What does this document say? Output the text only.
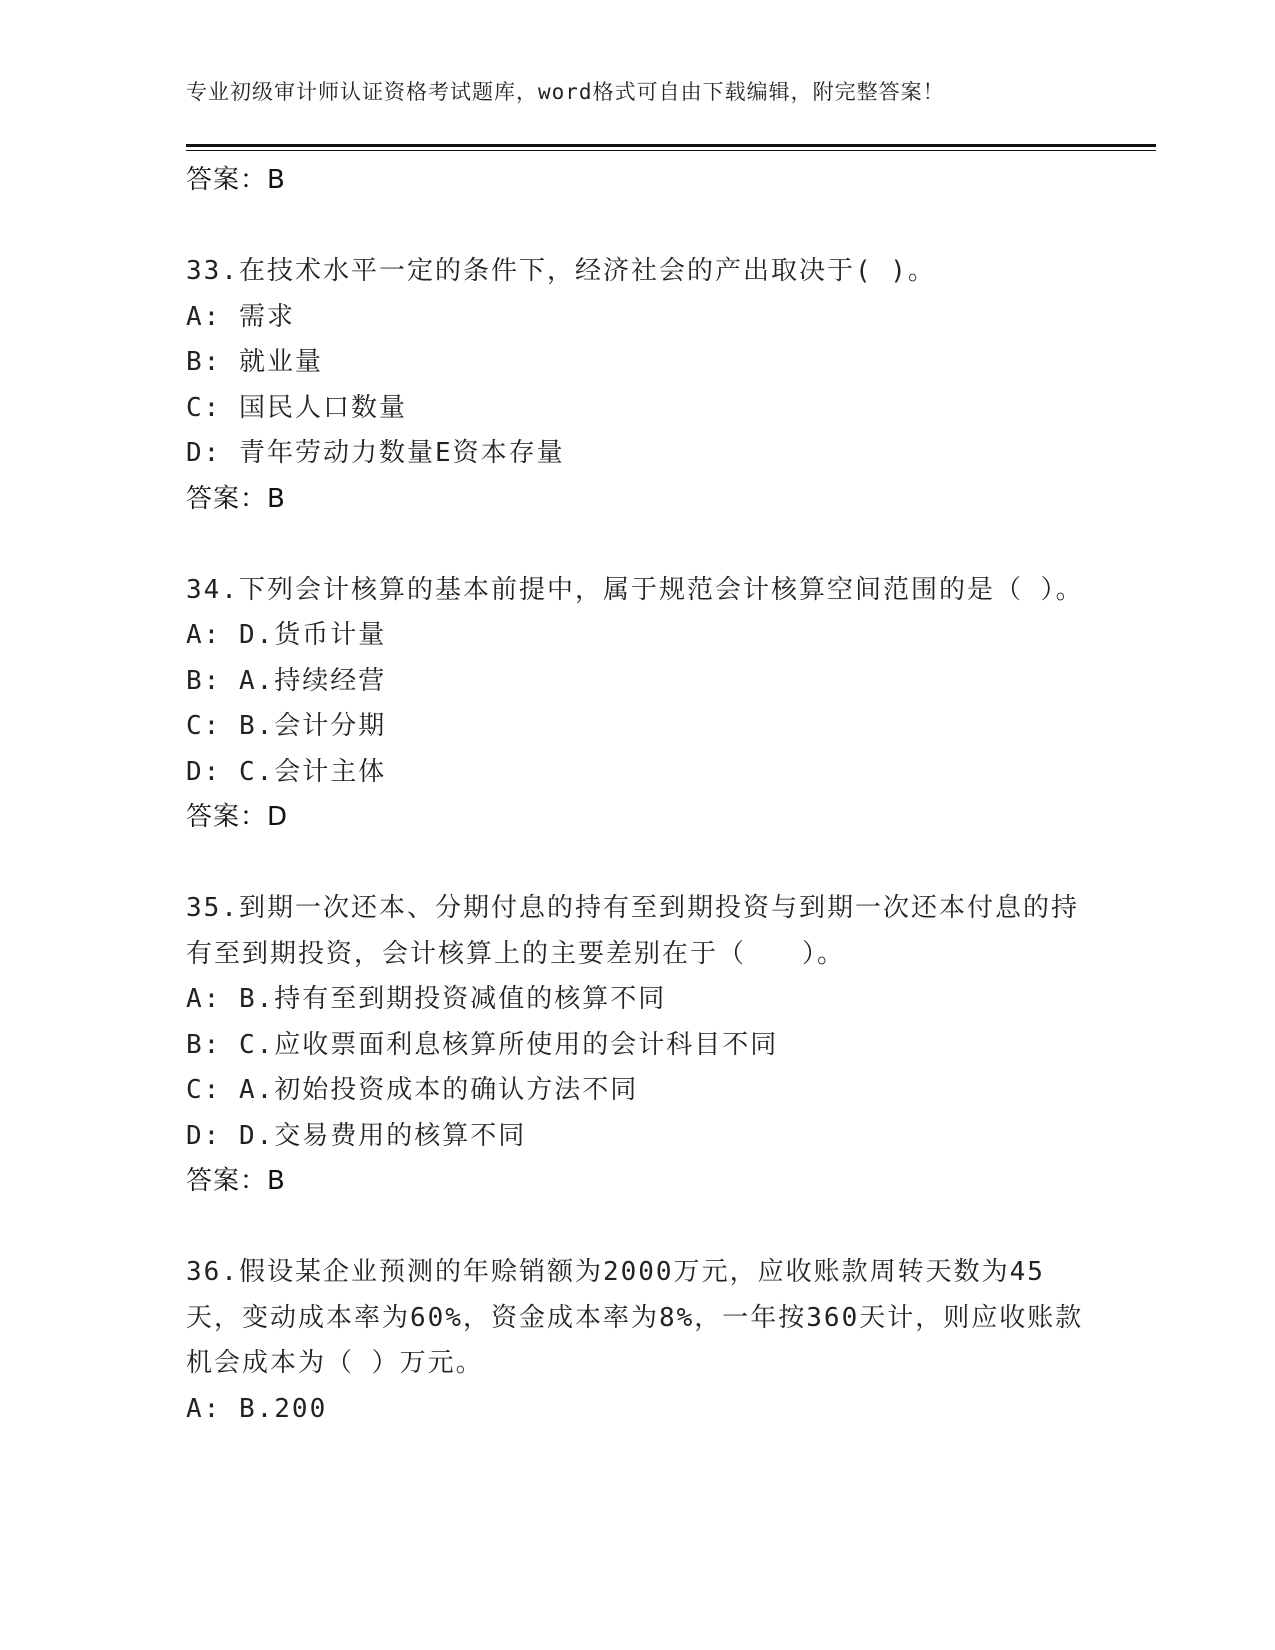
专业初级审计师认证资格考试题库，word格式可自由下载编辑，附完整答案！
答案：B
33.在技术水平一定的条件下，经济社会的产出取决于( )。
A: 需求
B: 就业量
C: 国民人口数量
D: 青年劳动力数量E资本存量
答案：B
34.下列会计核算的基本前提中，属于规范会计核算空间范围的是（ ）。
A: D.货币计量
B: A.持续经营
C: B.会计分期
D: C.会计主体
答案：D
35.到期一次还本、分期付息的持有至到期投资与到期一次还本付息的持有至到期投资，会计核算上的主要差别在于（　　）。
A: B.持有至到期投资减值的核算不同
B: C.应收票面利息核算所使用的会计科目不同
C: A.初始投资成本的确认方法不同
D: D.交易费用的核算不同
答案：B
36.假设某企业预测的年赊销额为2000万元，应收账款周转天数为45天，变动成本率为60%，资金成本率为8%，一年按360天计，则应收账款机会成本为（ ）万元。
A: B.200
